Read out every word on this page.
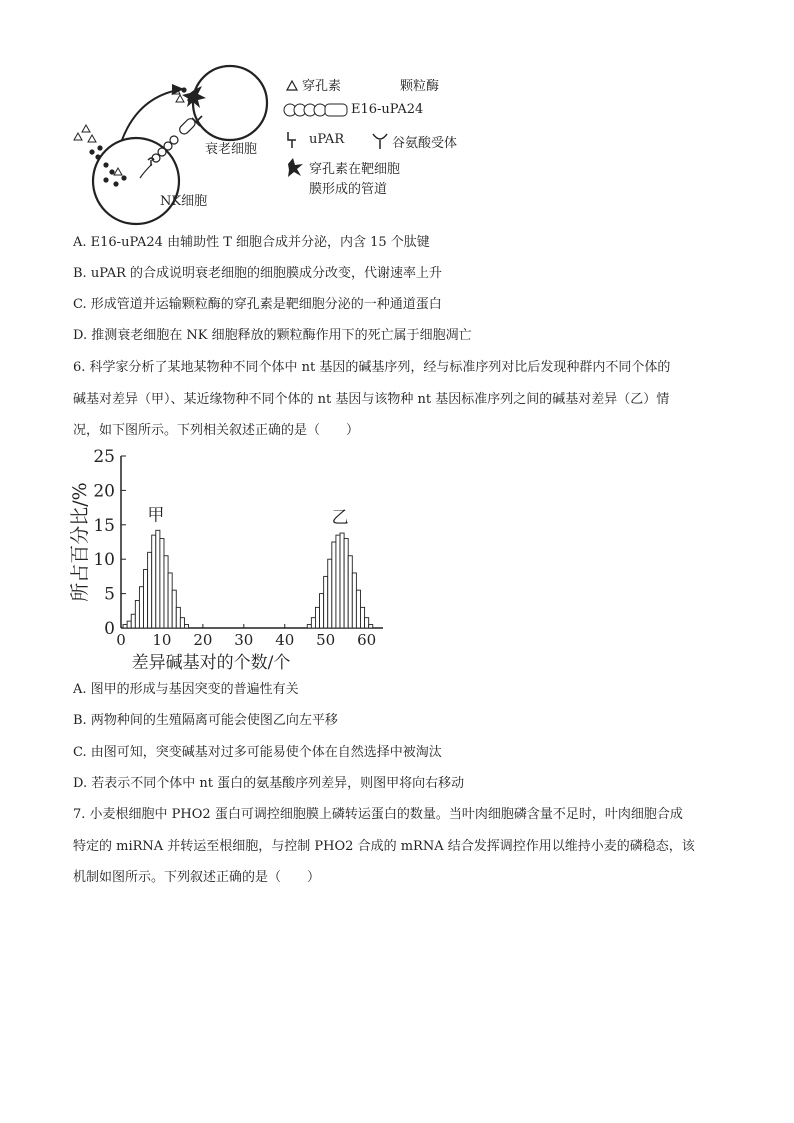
NK细胞
衰老细胞
穿孔素	颗粒酶
E16-uPA24
uPAR	谷氨酸受体
穿孔素在靶细胞
膜形成的管道
A. E16-uPA24 由辅助性 T 细胞合成并分泌，内含 15 个肽键
B. uPAR 的合成说明衰老细胞的细胞膜成分改变，代谢速率上升
C. 形成管道并运输颗粒酶的穿孔素是靶细胞分泌的一种通道蛋白
D. 推测衰老细胞在 NK 细胞释放的颗粒酶作用下的死亡属于细胞凋亡
6. 科学家分析了某地某物种不同个体中 nt 基因的碱基序列，经与标准序列对比后发现种群内不同个体的
碱基对差异（甲）、某近缘物种不同个体的 nt 基因与该物种 nt 基因标准序列之间的碱基对差异（乙）情
况，如下图所示。下列相关叙述正确的是（　　）
0
5
10
15
20
25
0 10 20 30 40 50 60
甲	乙
所占百分比/%
差异碱基对的个数/个
A. 图甲的形成与基因突变的普遍性有关
B. 两物种间的生殖隔离可能会使图乙向左平移
C. 由图可知，突变碱基对过多可能易使个体在自然选择中被淘汰
D. 若表示不同个体中 nt 蛋白的氨基酸序列差异，则图甲将向右移动
7. 小麦根细胞中 PHO2 蛋白可调控细胞膜上磷转运蛋白的数量。当叶肉细胞磷含量不足时，叶肉细胞合成
特定的 miRNA 并转运至根细胞，与控制 PHO2 合成的 mRNA 结合发挥调控作用以维持小麦的磷稳态，该
机制如图所示。下列叙述正确的是（　　）
